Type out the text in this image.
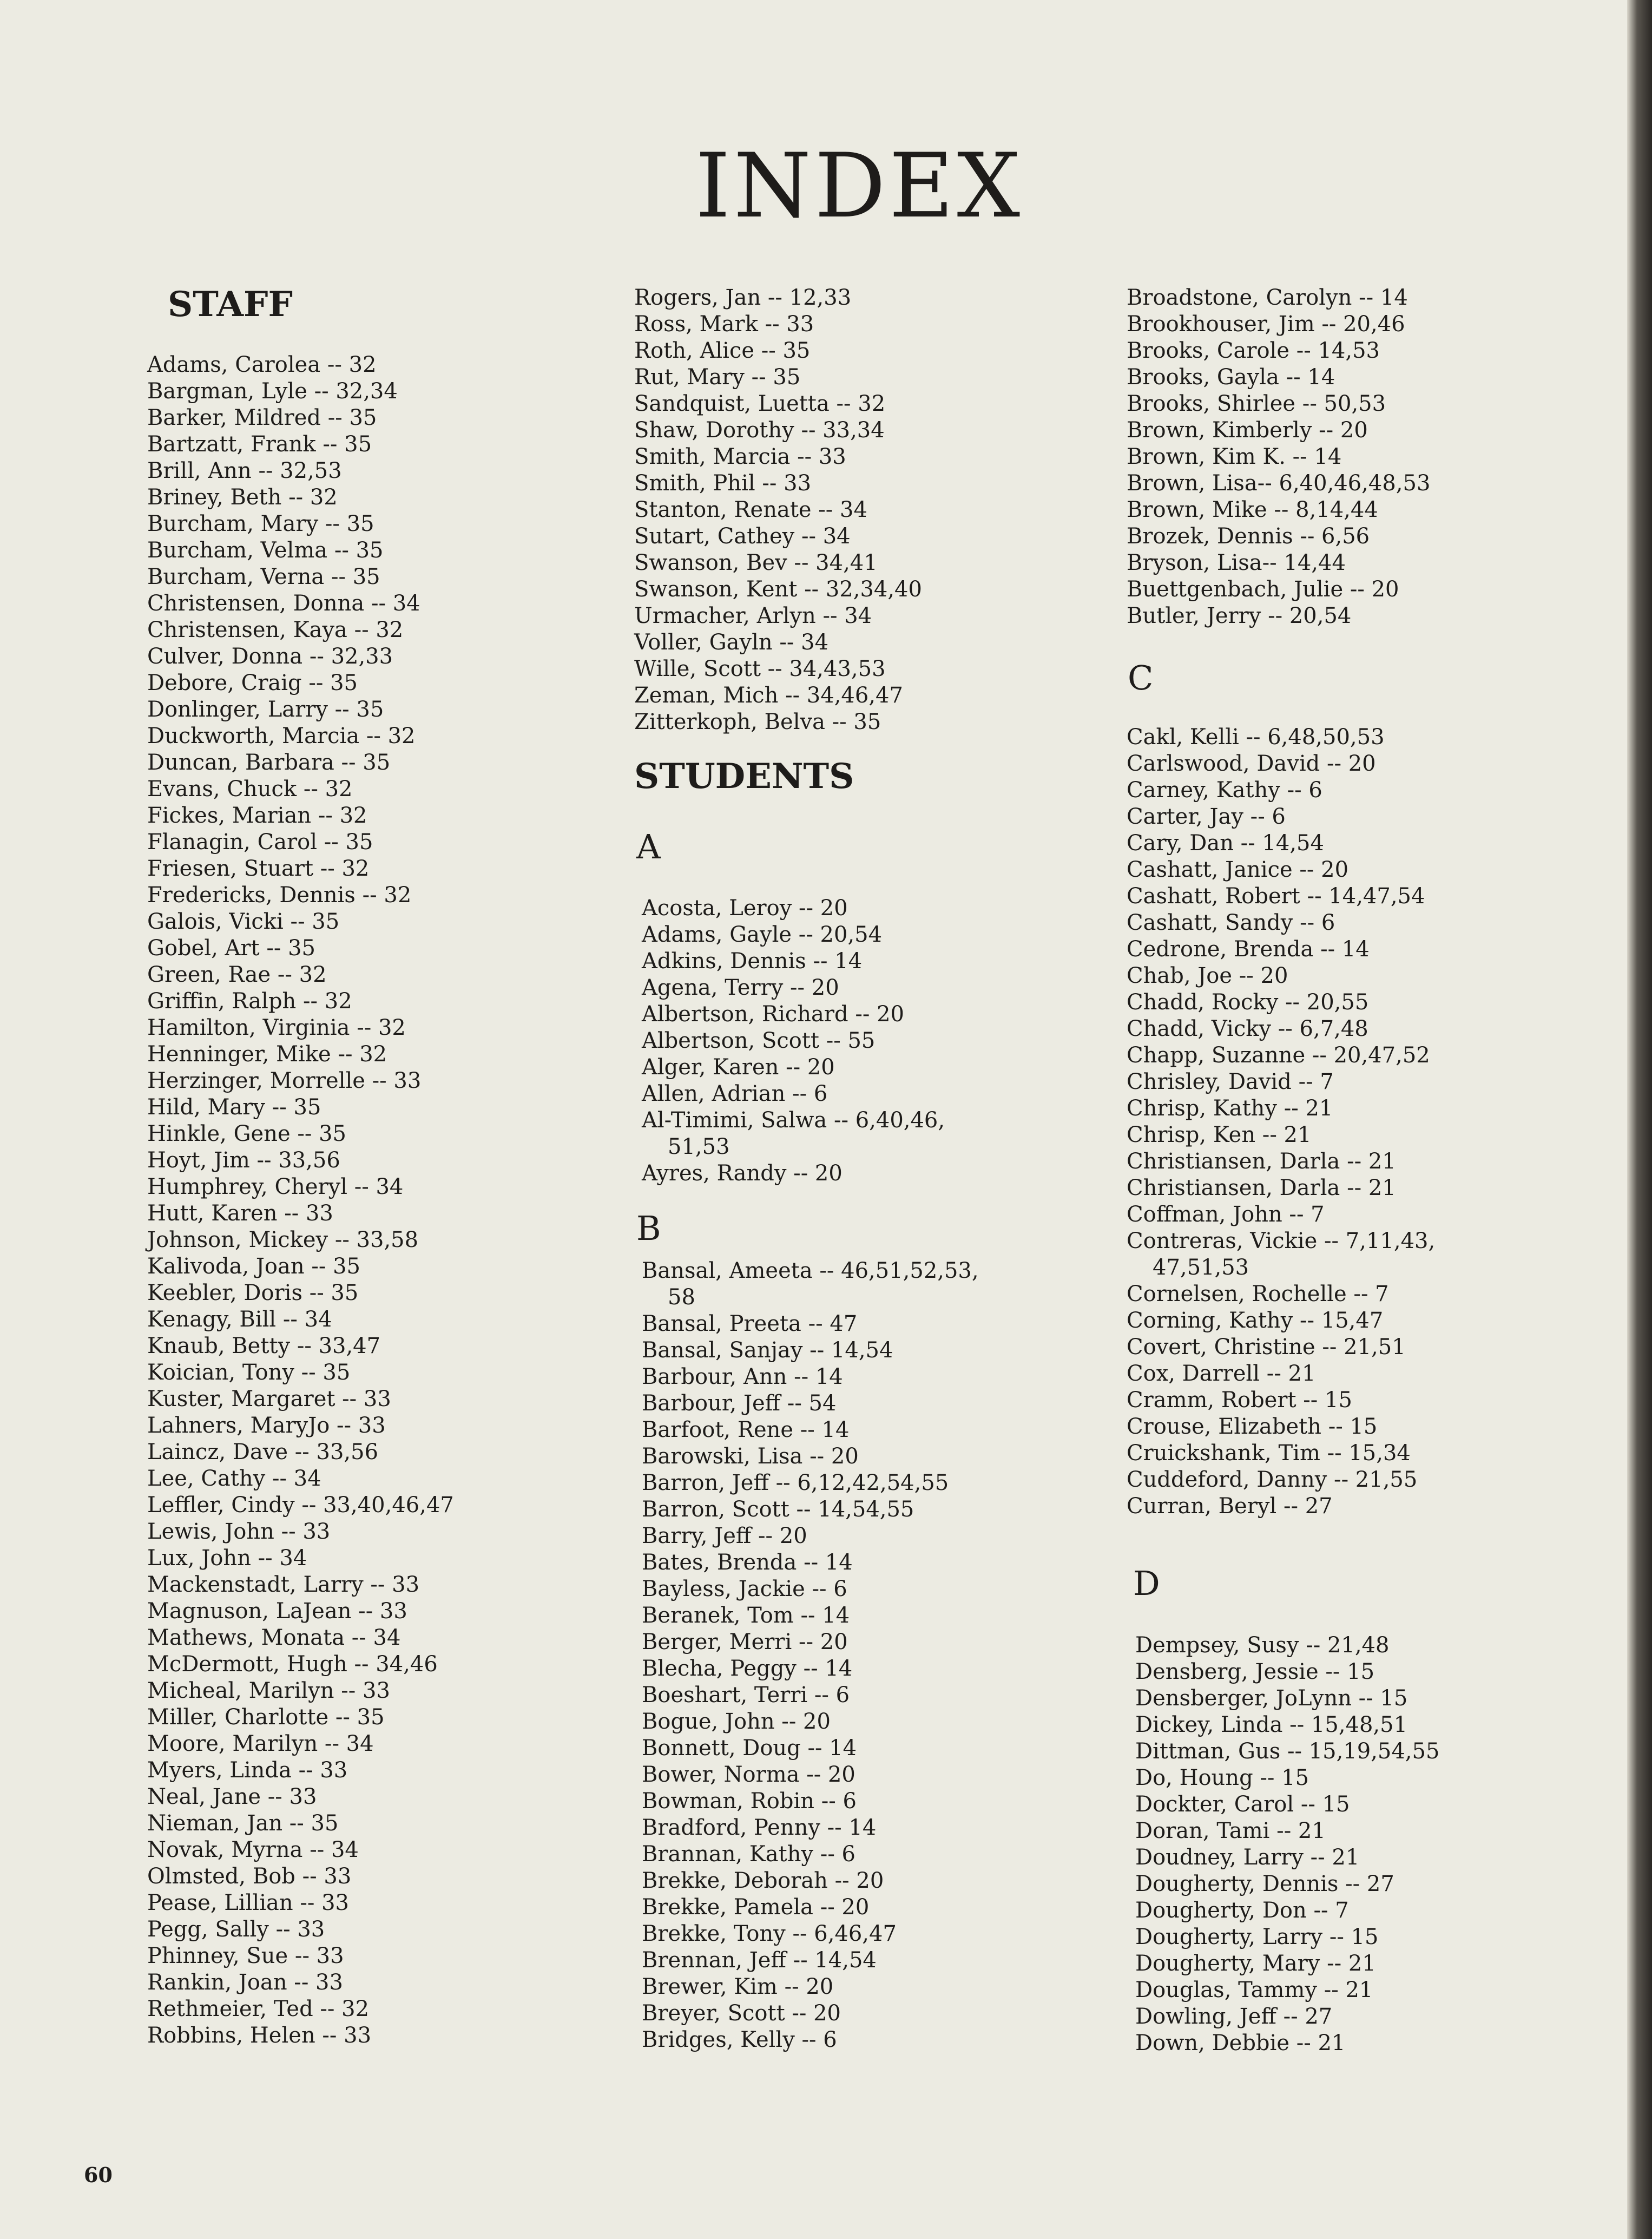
INDEX
STAFF
Adams, Carolea -- 32
Bargman, Lyle -- 32,34
Barker, Mildred -- 35
Bartzatt, Frank -- 35
Brill, Ann -- 32,53
Briney, Beth -- 32
Burcham, Mary -- 35
Burcham, Velma -- 35
Burcham, Verna -- 35
Christensen, Donna -- 34
Christensen, Kaya -- 32
Culver, Donna -- 32,33
Debore, Craig -- 35
Donlinger, Larry -- 35
Duckworth, Marcia -- 32
Duncan, Barbara -- 35
Evans, Chuck -- 32
Fickes, Marian -- 32
Flanagin, Carol -- 35
Friesen, Stuart -- 32
Fredericks, Dennis -- 32
Galois, Vicki -- 35
Gobel, Art -- 35
Green, Rae -- 32
Griffin, Ralph -- 32
Hamilton, Virginia -- 32
Henninger, Mike -- 32
Herzinger, Morrelle -- 33
Hild, Mary -- 35
Hinkle, Gene -- 35
Hoyt, Jim -- 33,56
Humphrey, Cheryl -- 34
Hutt, Karen -- 33
Johnson, Mickey -- 33,58
Kalivoda, Joan -- 35
Keebler, Doris -- 35
Kenagy, Bill -- 34
Knaub, Betty -- 33,47
Koician, Tony -- 35
Kuster, Margaret -- 33
Lahners, MaryJo -- 33
Laincz, Dave -- 33,56
Lee, Cathy -- 34
Leffler, Cindy -- 33,40,46,47
Lewis, John -- 33
Lux, John -- 34
Mackenstadt, Larry -- 33
Magnuson, LaJean -- 33
Mathews, Monata -- 34
McDermott, Hugh -- 34,46
Micheal, Marilyn -- 33
Miller, Charlotte -- 35
Moore, Marilyn -- 34
Myers, Linda -- 33
Neal, Jane -- 33
Nieman, Jan -- 35
Novak, Myrna -- 34
Olmsted, Bob -- 33
Pease, Lillian -- 33
Pegg, Sally -- 33
Phinney, Sue -- 33
Rankin, Joan -- 33
Rethmeier, Ted -- 32
Robbins, Helen -- 33
Rogers, Jan -- 12,33
Ross, Mark -- 33
Roth, Alice -- 35
Rut, Mary -- 35
Sandquist, Luetta -- 32
Shaw, Dorothy -- 33,34
Smith, Marcia -- 33
Smith, Phil -- 33
Stanton, Renate -- 34
Sutart, Cathey -- 34
Swanson, Bev -- 34,41
Swanson, Kent -- 32,34,40
Urmacher, Arlyn -- 34
Voller, Gayln -- 34
Wille, Scott -- 34,43,53
Zeman, Mich -- 34,46,47
Zitterkoph, Belva -- 35
STUDENTS
A
Acosta, Leroy -- 20
Adams, Gayle -- 20,54
Adkins, Dennis -- 14
Agena, Terry -- 20
Albertson, Richard -- 20
Albertson, Scott -- 55
Alger, Karen -- 20
Allen, Adrian -- 6
Al-Timimi, Salwa -- 6,40,46,
51,53
Ayres, Randy -- 20
B
Bansal, Ameeta -- 46,51,52,53,
58
Bansal, Preeta -- 47
Bansal, Sanjay -- 14,54
Barbour, Ann -- 14
Barbour, Jeff -- 54
Barfoot, Rene -- 14
Barowski, Lisa -- 20
Barron, Jeff -- 6,12,42,54,55
Barron, Scott -- 14,54,55
Barry, Jeff -- 20
Bates, Brenda -- 14
Bayless, Jackie -- 6
Beranek, Tom -- 14
Berger, Merri -- 20
Blecha, Peggy -- 14
Boeshart, Terri -- 6
Bogue, John -- 20
Bonnett, Doug -- 14
Bower, Norma -- 20
Bowman, Robin -- 6
Bradford, Penny -- 14
Brannan, Kathy -- 6
Brekke, Deborah -- 20
Brekke, Pamela -- 20
Brekke, Tony -- 6,46,47
Brennan, Jeff -- 14,54
Brewer, Kim -- 20
Breyer, Scott -- 20
Bridges, Kelly -- 6
Broadstone, Carolyn -- 14
Brookhouser, Jim -- 20,46
Brooks, Carole -- 14,53
Brooks, Gayla -- 14
Brooks, Shirlee -- 50,53
Brown, Kimberly -- 20
Brown, Kim K. -- 14
Brown, Lisa-- 6,40,46,48,53
Brown, Mike -- 8,14,44
Brozek, Dennis -- 6,56
Bryson, Lisa-- 14,44
Buettgenbach, Julie -- 20
Butler, Jerry -- 20,54
C
Cakl, Kelli -- 6,48,50,53
Carlswood, David -- 20
Carney, Kathy -- 6
Carter, Jay -- 6
Cary, Dan -- 14,54
Cashatt, Janice -- 20
Cashatt, Robert -- 14,47,54
Cashatt, Sandy -- 6
Cedrone, Brenda -- 14
Chab, Joe -- 20
Chadd, Rocky -- 20,55
Chadd, Vicky -- 6,7,48
Chapp, Suzanne -- 20,47,52
Chrisley, David -- 7
Chrisp, Kathy -- 21
Chrisp, Ken -- 21
Christiansen, Darla -- 21
Christiansen, Darla -- 21
Coffman, John -- 7
Contreras, Vickie -- 7,11,43,
47,51,53
Cornelsen, Rochelle -- 7
Corning, Kathy -- 15,47
Covert, Christine -- 21,51
Cox, Darrell -- 21
Cramm, Robert -- 15
Crouse, Elizabeth -- 15
Cruickshank, Tim -- 15,34
Cuddeford, Danny -- 21,55
Curran, Beryl -- 27
D
Dempsey, Susy -- 21,48
Densberg, Jessie -- 15
Densberger, JoLynn -- 15
Dickey, Linda -- 15,48,51
Dittman, Gus -- 15,19,54,55
Do, Houng -- 15
Dockter, Carol -- 15
Doran, Tami -- 21
Doudney, Larry -- 21
Dougherty, Dennis -- 27
Dougherty, Don -- 7
Dougherty, Larry -- 15
Dougherty, Mary -- 21
Douglas, Tammy -- 21
Dowling, Jeff -- 27
Down, Debbie -- 21
60
